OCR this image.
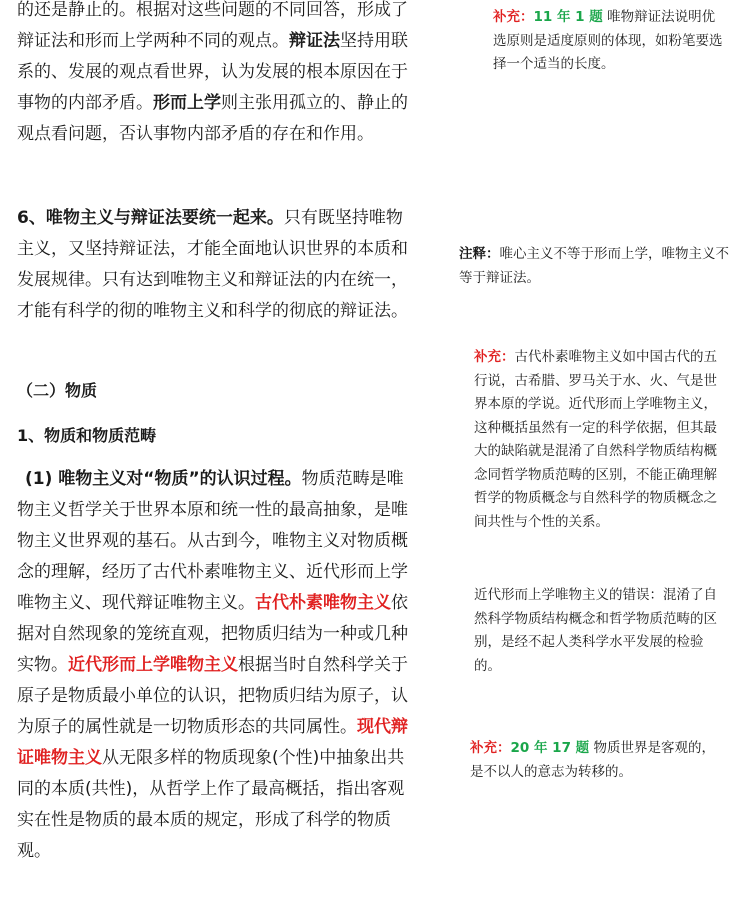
的还是静止的。根据对这些问题的不同回答，形成了辩证法和形而上学两种不同的观点。辩证法坚持用联系的、发展的观点看世界，认为发展的根本原因在于事物的内部矛盾。形而上学则主张用孤立的、静止的观点看问题，否认事物内部矛盾的存在和作用。

6、唯物主义与辩证法要统一起来。只有既坚持唯物主义，又坚持辩证法，才能全面地认识世界的本质和发展规律。只有达到唯物主义和辩证法的内在统一，才能有科学的彻的唯物主义和科学的彻底的辩证法。

（二）物质

1、物质和物质范畴

(1) 唯物主义对“物质”的认识过程。物质范畴是唯物主义哲学关于世界本原和统一性的最高抽象，是唯物主义世界观的基石。从古到今，唯物主义对物质概念的理解，经历了古代朴素唯物主义、近代形而上学唯物主义、现代辩证唯物主义。古代朴素唯物主义依据对自然现象的笼统直观，把物质归结为一种或几种实物。近代形而上学唯物主义根据当时自然科学关于原子是物质最小单位的认识，把物质归结为原子，认为原子的属性就是一切物质形态的共同属性。现代辩证唯物主义从无限多样的物质现象(个性)中抽象出共同的本质(共性)，从哲学上作了最高概括，指出客观实在性是物质的最本质的规定，形成了科学的物质观。

补充：11 年 1 题 唯物辩证法说明优选原则是适度原则的体现，如粉笔要选择一个适当的长度。
注释：唯心主义不等于形而上学，唯物主义不等于辩证法。
补充：古代朴素唯物主义如中国古代的五行说，古希腊、罗马关于水、火、气是世界本原的学说。近代形而上学唯物主义，这种概括虽然有一定的科学依据，但其最大的缺陷就是混淆了自然科学物质结构概念同哲学物质范畴的区别，不能正确理解哲学的物质概念与自然科学的物质概念之间共性与个性的关系。
近代形而上学唯物主义的错误：混淆了自然科学物质结构概念和哲学物质范畴的区别，是经不起人类科学水平发展的检验的。
补充：20 年 17 题 物质世界是客观的，是不以人的意志为转移的。
